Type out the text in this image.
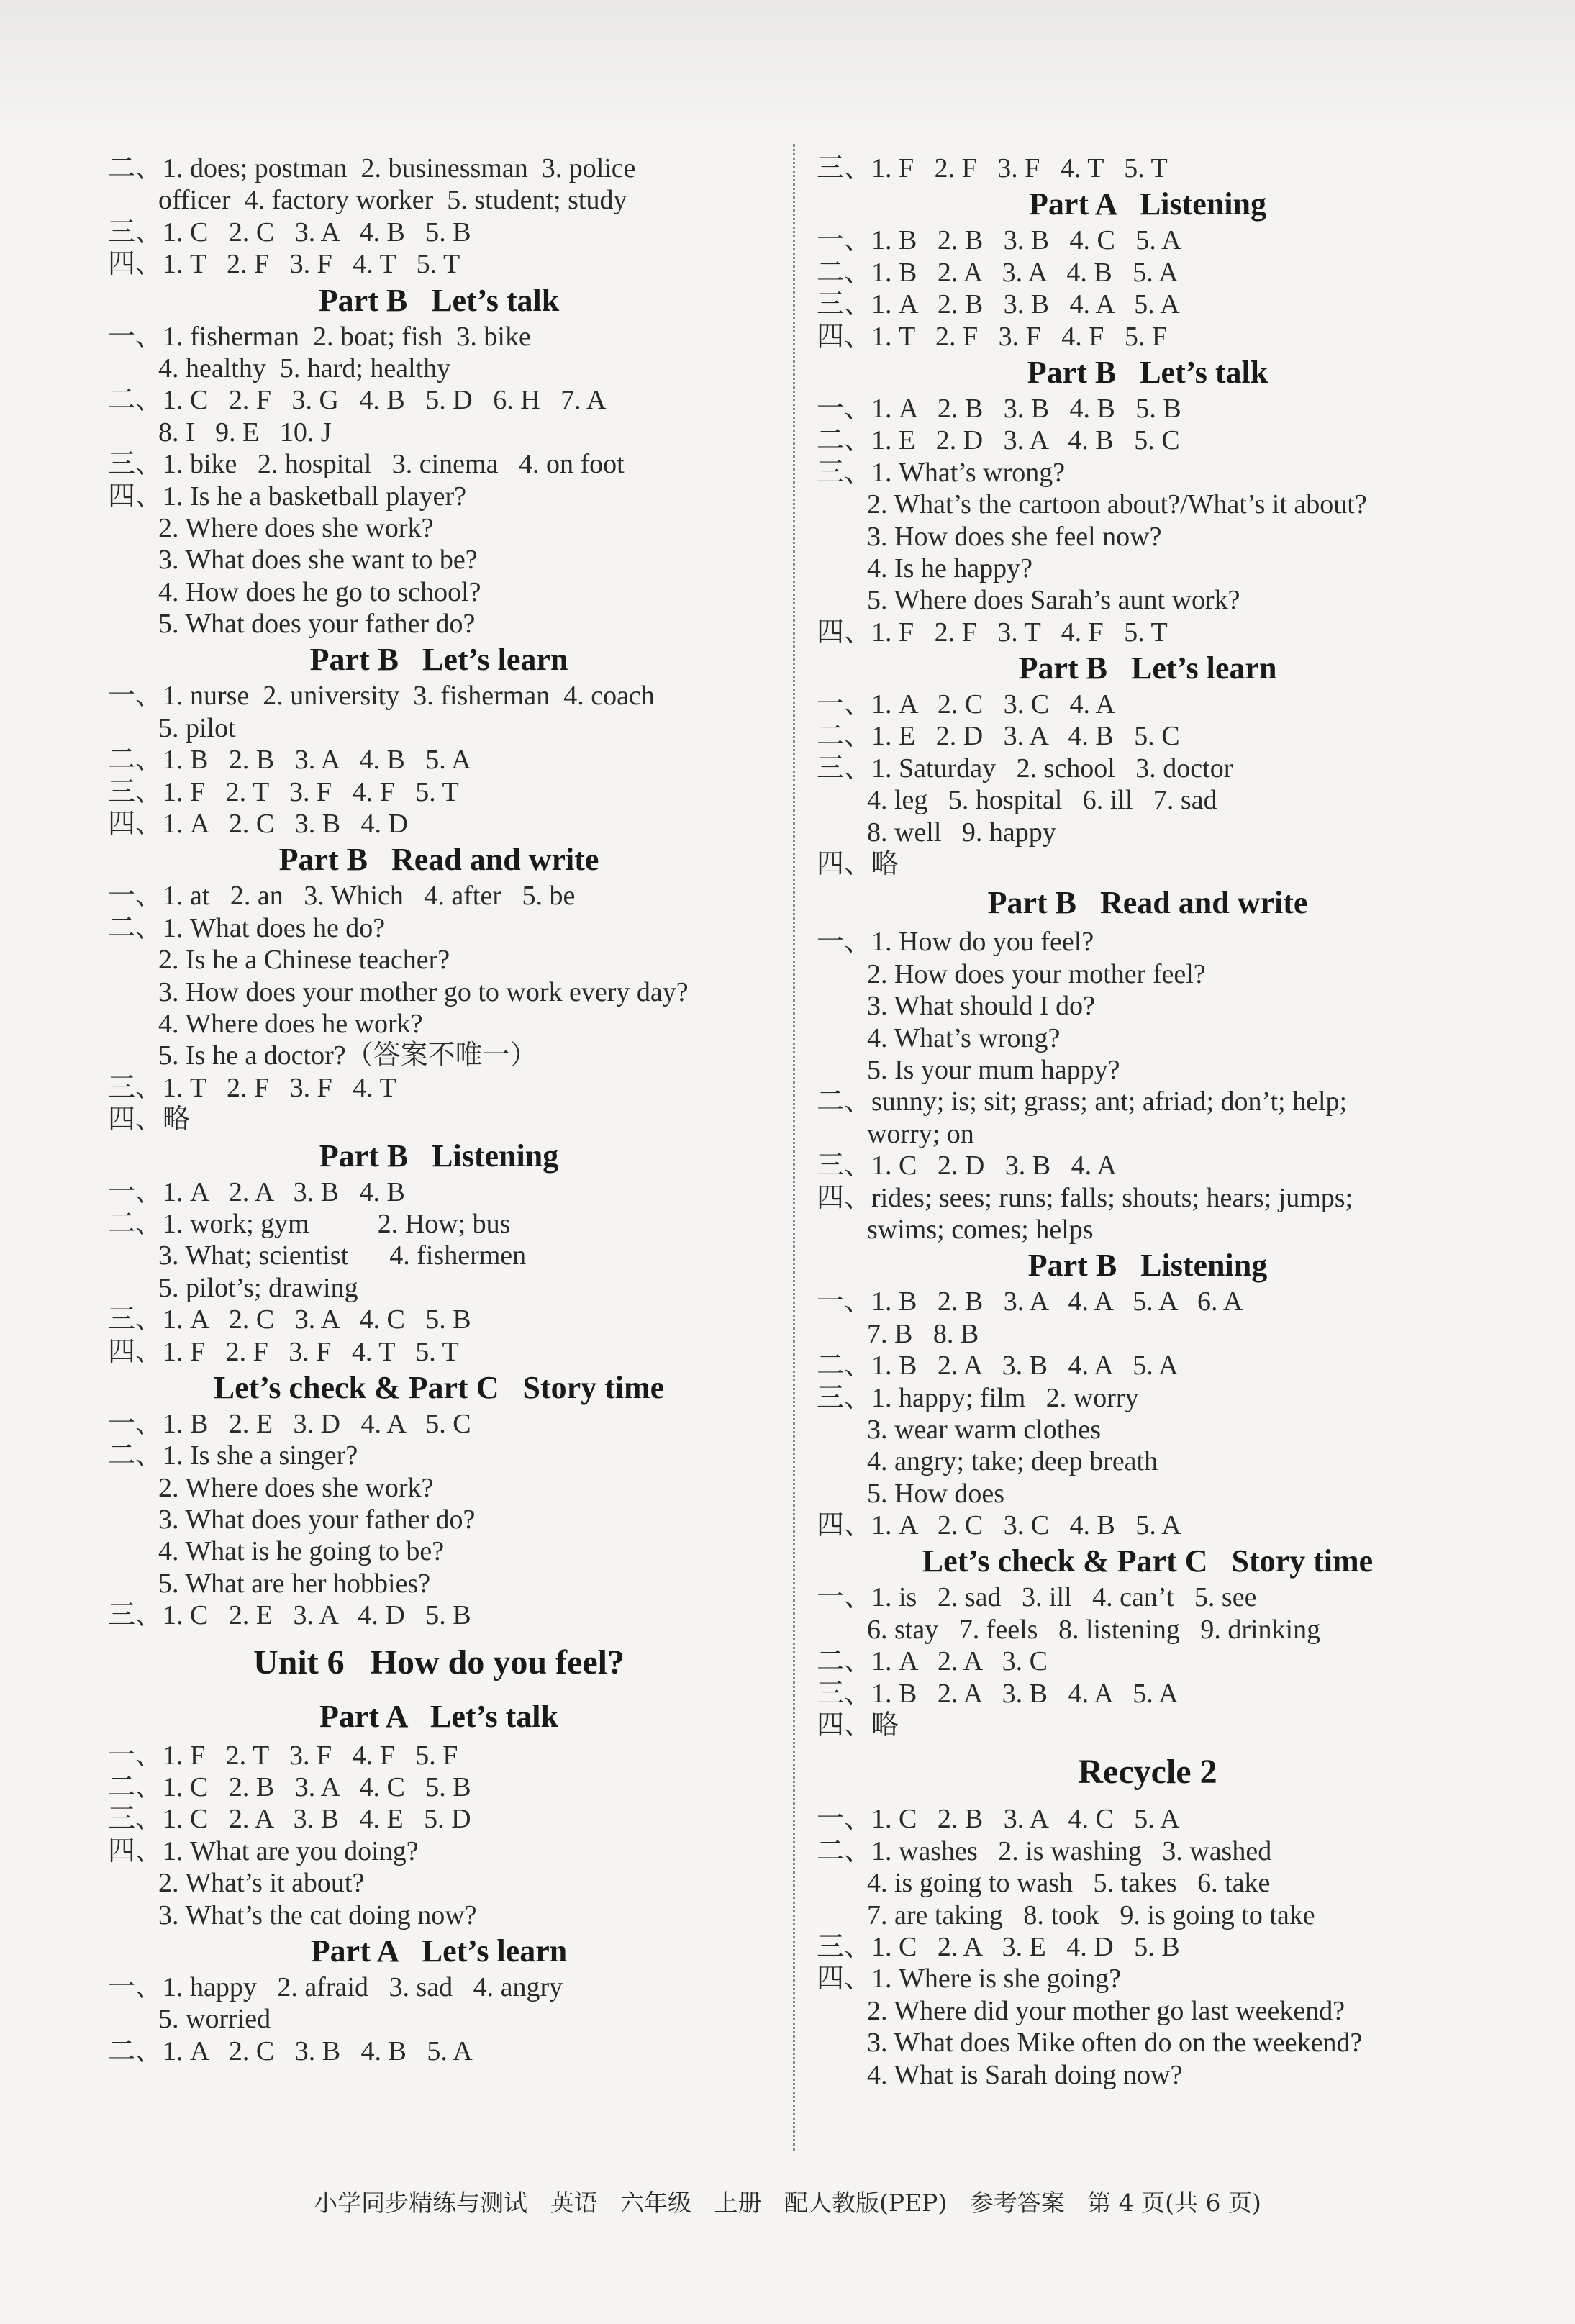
二、1. does; postman  2. businessman  3. police
officer  4. factory worker  5. student; study
三、1. C   2. C   3. A   4. B   5. B
四、1. T   2. F   3. F   4. T   5. T
Part B   Let’s talk
一、1. fisherman  2. boat; fish  3. bike
4. healthy  5. hard; healthy
二、1. C   2. F   3. G   4. B   5. D   6. H   7. A
8. I   9. E   10. J
三、1. bike   2. hospital   3. cinema   4. on foot
四、1. Is he a basketball player?
2. Where does she work?
3. What does she want to be?
4. How does he go to school?
5. What does your father do?
Part B   Let’s learn
一、1. nurse  2. university  3. fisherman  4. coach
5. pilot
二、1. B   2. B   3. A   4. B   5. A
三、1. F   2. T   3. F   4. F   5. T
四、1. A   2. C   3. B   4. D
Part B   Read and write
一、1. at   2. an   3. Which   4. after   5. be
二、1. What does he do?
2. Is he a Chinese teacher?
3. How does your mother go to work every day?
4. Where does he work?
5. Is he a doctor?（答案不唯一）
三、1. T   2. F   3. F   4. T
四、略
Part B   Listening
一、1. A   2. A   3. B   4. B
二、1. work; gym          2. How; bus
3. What; scientist      4. fishermen
5. pilot’s; drawing
三、1. A   2. C   3. A   4. C   5. B
四、1. F   2. F   3. F   4. T   5. T
Let’s check & Part C   Story time
一、1. B   2. E   3. D   4. A   5. C
二、1. Is she a singer?
2. Where does she work?
3. What does your father do?
4. What is he going to be?
5. What are her hobbies?
三、1. C   2. E   3. A   4. D   5. B
Unit 6   How do you feel?
Part A   Let’s talk
一、1. F   2. T   3. F   4. F   5. F
二、1. C   2. B   3. A   4. C   5. B
三、1. C   2. A   3. B   4. E   5. D
四、1. What are you doing?
2. What’s it about?
3. What’s the cat doing now?
Part A   Let’s learn
一、1. happy   2. afraid   3. sad   4. angry
5. worried
二、1. A   2. C   3. B   4. B   5. A
三、1. F   2. F   3. F   4. T   5. T
Part A   Listening
一、1. B   2. B   3. B   4. C   5. A
二、1. B   2. A   3. A   4. B   5. A
三、1. A   2. B   3. B   4. A   5. A
四、1. T   2. F   3. F   4. F   5. F
Part B   Let’s talk
一、1. A   2. B   3. B   4. B   5. B
二、1. E   2. D   3. A   4. B   5. C
三、1. What’s wrong?
2. What’s the cartoon about?/What’s it about?
3. How does she feel now?
4. Is he happy?
5. Where does Sarah’s aunt work?
四、1. F   2. F   3. T   4. F   5. T
Part B   Let’s learn
一、1. A   2. C   3. C   4. A
二、1. E   2. D   3. A   4. B   5. C
三、1. Saturday   2. school   3. doctor
4. leg   5. hospital   6. ill   7. sad
8. well   9. happy
四、略
Part B   Read and write
一、1. How do you feel?
2. How does your mother feel?
3. What should I do?
4. What’s wrong?
5. Is your mum happy?
二、sunny; is; sit; grass; ant; afriad; don’t; help;
worry; on
三、1. C   2. D   3. B   4. A
四、rides; sees; runs; falls; shouts; hears; jumps;
swims; comes; helps
Part B   Listening
一、1. B   2. B   3. A   4. A   5. A   6. A
7. B   8. B
二、1. B   2. A   3. B   4. A   5. A
三、1. happy; film   2. worry
3. wear warm clothes
4. angry; take; deep breath
5. How does
四、1. A   2. C   3. C   4. B   5. A
Let’s check & Part C   Story time
一、1. is   2. sad   3. ill   4. can’t   5. see
6. stay   7. feels   8. listening   9. drinking
二、1. A   2. A   3. C
三、1. B   2. A   3. B   4. A   5. A
四、略
Recycle 2
一、1. C   2. B   3. A   4. C   5. A
二、1. washes   2. is washing   3. washed
4. is going to wash   5. takes   6. take
7. are taking   8. took   9. is going to take
三、1. C   2. A   3. E   4. D   5. B
四、1. Where is she going?
2. Where did your mother go last weekend?
3. What does Mike often do on the weekend?
4. What is Sarah doing now?
小学同步精练与测试   英语   六年级   上册   配人教版(PEP)   参考答案   第 4 页(共 6 页)
